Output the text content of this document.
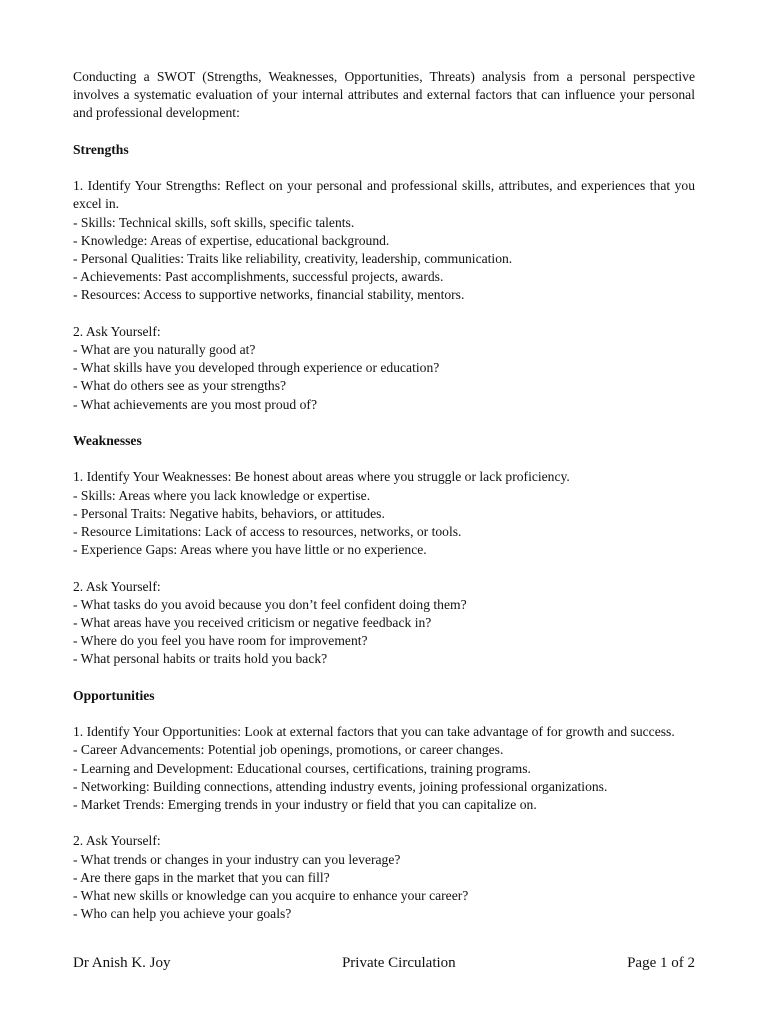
Conducting a SWOT (Strengths, Weaknesses, Opportunities, Threats) analysis from a personal perspective involves a systematic evaluation of your internal attributes and external factors that can influence your personal and professional development:

Strengths

1. Identify Your Strengths: Reflect on your personal and professional skills, attributes, and experiences that you excel in.

- Skills: Technical skills, soft skills, specific talents.

- Knowledge: Areas of expertise, educational background.

- Personal Qualities: Traits like reliability, creativity, leadership, communication.

- Achievements: Past accomplishments, successful projects, awards.

- Resources: Access to supportive networks, financial stability, mentors.

2. Ask Yourself:

- What are you naturally good at?

- What skills have you developed through experience or education?

- What do others see as your strengths?

- What achievements are you most proud of?

Weaknesses

1. Identify Your Weaknesses: Be honest about areas where you struggle or lack proficiency.

- Skills: Areas where you lack knowledge or expertise.

- Personal Traits: Negative habits, behaviors, or attitudes.

- Resource Limitations: Lack of access to resources, networks, or tools.

- Experience Gaps: Areas where you have little or no experience.

2. Ask Yourself:

- What tasks do you avoid because you don’t feel confident doing them?

- What areas have you received criticism or negative feedback in?

- Where do you feel you have room for improvement?

- What personal habits or traits hold you back?

Opportunities

1. Identify Your Opportunities: Look at external factors that you can take advantage of for growth and success.

- Career Advancements: Potential job openings, promotions, or career changes.

- Learning and Development: Educational courses, certifications, training programs.

- Networking: Building connections, attending industry events, joining professional organizations.

- Market Trends: Emerging trends in your industry or field that you can capitalize on.

2. Ask Yourself:

- What trends or changes in your industry can you leverage?

- Are there gaps in the market that you can fill?

- What new skills or knowledge can you acquire to enhance your career?

- Who can help you achieve your goals?

Dr Anish K. Joy	Private Circulation	Page 1 of 2
